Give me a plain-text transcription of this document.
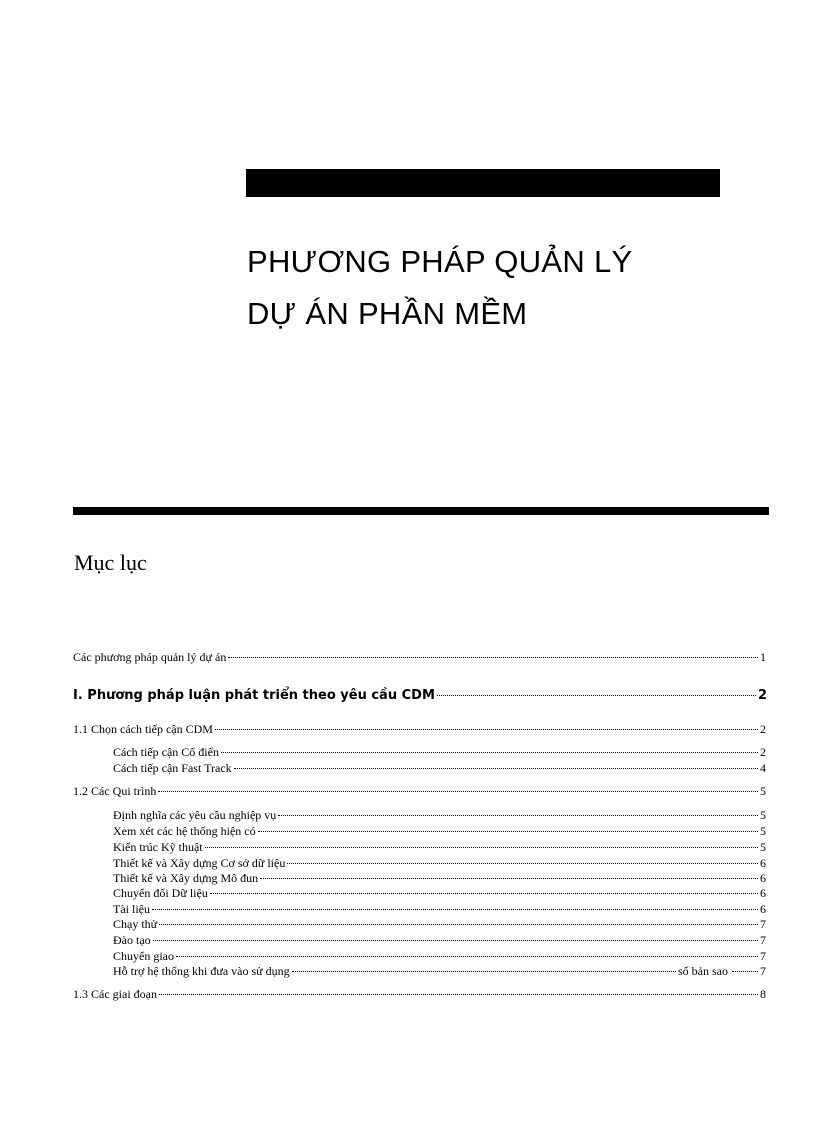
PHƯƠNG PHÁP QUẢN LÝ
DỰ ÁN PHẦN MỀM
Mục lục
Các phương pháp quản lý dự án	1
I. Phương pháp luận phát triển theo yêu cầu CDM	2
1.1 Chọn cách tiếp cận CDM	2
Cách tiếp cận Cổ điển	2
Cách tiếp cận Fast Track	4
1.2 Các Qui trình	5
Định nghĩa các yêu cầu nghiệp vụ	5
Xem xét các hệ thống hiện có	5
Kiến trúc Kỹ thuật	5
Thiết kế và Xây dựng Cơ sở dữ liệu	6
Thiết kế và Xây dựng Mô đun	6
Chuyển đổi Dữ liệu	6
Tài liệu	6
Chạy thử	7
Đào tạo	7
Chuyển giao	7
Hỗ trợ hệ thống khi đưa vào sử dụng	số bản sao	7
1.3 Các giai đoạn	8
